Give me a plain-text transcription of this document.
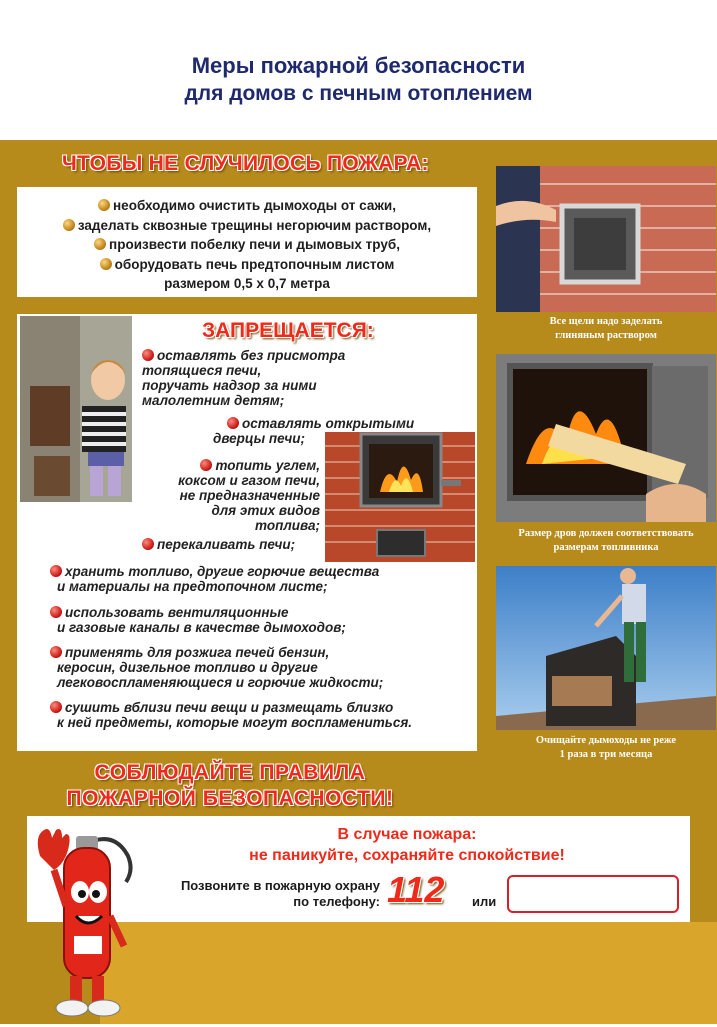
Меры пожарной безопасности
для домов с печным отоплением
ЧТОБЫ НЕ СЛУЧИЛОСЬ ПОЖАРА:
необходимо очистить дымоходы от сажи,
заделать сквозные трещины негорючим раствором,
произвести побелку печи и дымовых труб,
оборудовать печь предтопочным листом
размером 0,5 х 0,7 метра
ЗАПРЕЩАЕТСЯ:
оставлять без присмотра
топящиеся печи,
поручать надзор за ними
малолетним детям;
оставлять открытыми
дверцы печи;
топить углем,
коксом и газом печи,
не предназначенные
для этих видов
топлива;
перекаливать печи;
хранить топливо, другие горючие вещества
и материалы на предтопочном листе;
использовать вентиляционные
и газовые каналы в качестве дымоходов;
применять для розжига печей бензин,
керосин, дизельное топливо и другие
легковоспламеняющиеся и горючие жидкости;
сушить вблизи печи вещи и размещать близко
к ней предметы, которые могут воспламениться.
Все щели надо заделать
глиняным раствором
Размер дров должен соответствовать
размерам топливника
Очищайте дымоходы не реже
1 раза в три месяца
СОБЛЮДАЙТЕ ПРАВИЛА
ПОЖАРНОЙ БЕЗОПАСНОСТИ!
В случае пожара:
не паникуйте, сохраняйте спокойствие!
Позвоните в пожарную охрану
по телефону: 112 или
